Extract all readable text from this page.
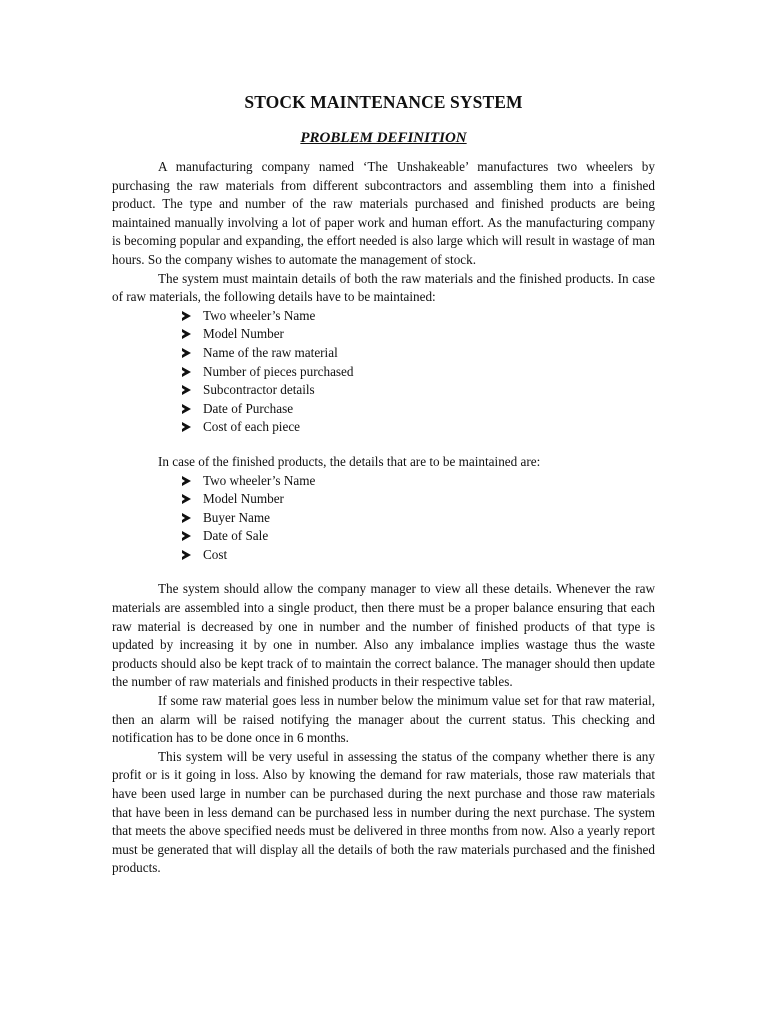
STOCK MAINTENANCE SYSTEM
PROBLEM DEFINITION

A manufacturing company named ‘The Unshakeable’ manufactures two wheelers by purchasing the raw materials from different subcontractors and assembling them into a finished product. The type and number of the raw materials purchased and finished products are being maintained manually involving a lot of paper work and human effort. As the manufacturing company is becoming popular and expanding, the effort needed is also large which will result in wastage of man hours. So the company wishes to automate the management of stock.

The system must maintain details of both the raw materials and the finished products. In case of raw materials, the following details have to be maintained:

Two wheeler’s Name
Model Number
Name of the raw material
Number of pieces purchased
Subcontractor details
Date of Purchase
Cost of each piece

In case of the finished products, the details that are to be maintained are:

Two wheeler’s Name
Model Number
Buyer Name
Date of Sale
Cost

The system should allow the company manager to view all these details. Whenever the raw materials are assembled into a single product, then there must be a proper balance ensuring that each raw material is decreased by one in number and the number of finished products of that type is updated by increasing it by one in number. Also any imbalance implies wastage thus the waste products should also be kept track of to maintain the correct balance. The manager should then update the number of raw materials and finished products in their respective tables.

If some raw material goes less in number below the minimum value set for that raw material, then an alarm will be raised notifying the manager about the current status. This checking and notification has to be done once in 6 months.

This system will be very useful in assessing the status of the company whether there is any profit or is it going in loss. Also by knowing the demand for raw materials, those raw materials that have been used large in number can be purchased during the next purchase and those raw materials that have been in less demand can be purchased less in number during the next purchase. The system that meets the above specified needs must be delivered in three months from now. Also a yearly report must be generated that will display all the details of both the raw materials purchased and the finished products.
